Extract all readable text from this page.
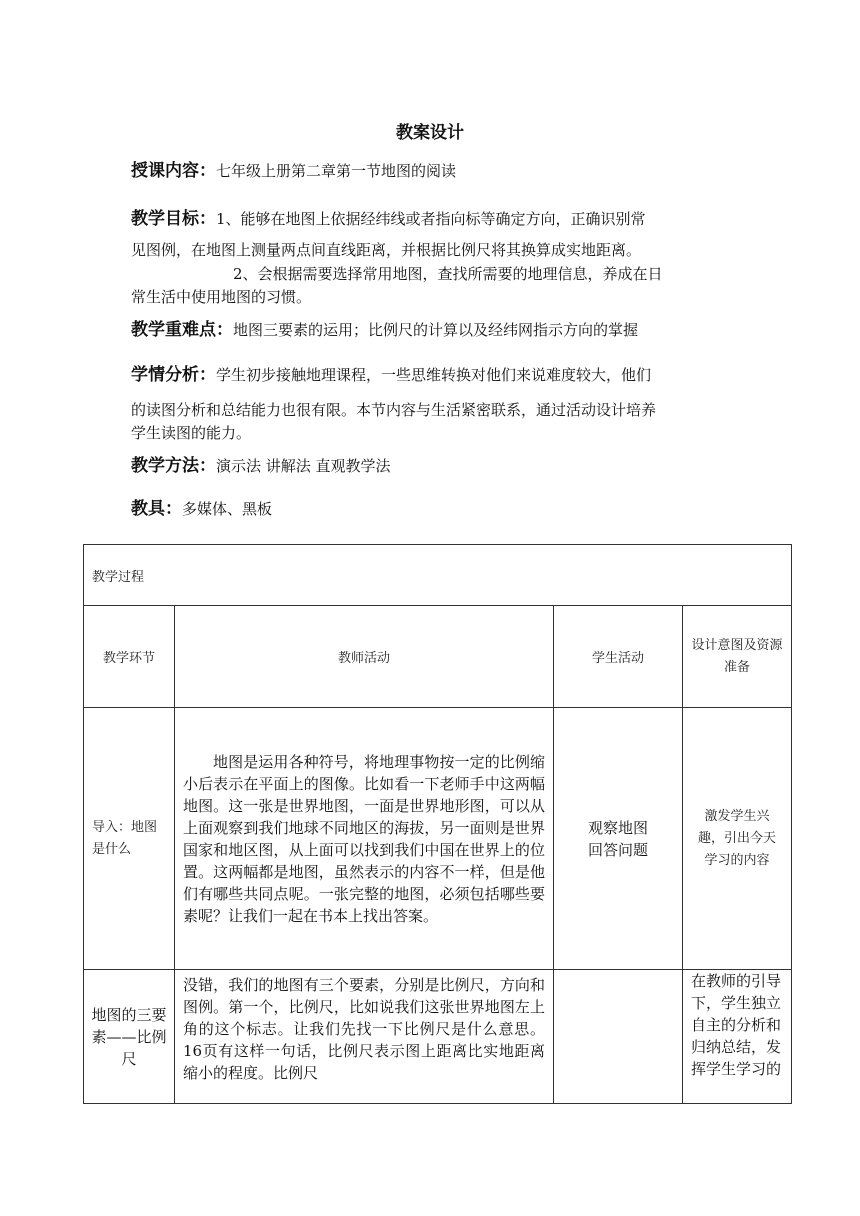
教案设计
授课内容：七年级上册第二章第一节地图的阅读
教学目标：1、能够在地图上依据经纬线或者指向标等确定方向，正确识别常
见图例，在地图上测量两点间直线距离，并根据比例尺将其换算成实地距离。
2、会根据需要选择常用地图，查找所需要的地理信息，养成在日
常生活中使用地图的习惯。
教学重难点：地图三要素的运用；比例尺的计算以及经纬网指示方向的掌握
学情分析：学生初步接触地理课程，一些思维转换对他们来说难度较大，他们
的读图分析和总结能力也很有限。本节内容与生活紧密联系，通过活动设计培养
学生读图的能力。
教学方法：演示法 讲解法 直观教学法
教具：多媒体、黑板
教学过程			
教学环节	教师活动	学生活动	设计意图及资源准备
导入：地图是什么	地图是运用各种符号，将地理事物按一定的比例缩小后表示在平面上的图像。比如看一下老师手中这两幅地图。这一张是世界地图，一面是世界地形图，可以从上面观察到我们地球不同地区的海拔，另一面则是世界国家和地区图，从上面可以找到我们中国在世界上的位置。这两幅都是地图，虽然表示的内容不一样，但是他们有哪些共同点呢。一张完整的地图，必须包括哪些要素呢？让我们一起在书本上找出答案。	观察地图回答问题	激发学生兴趣，引出今天学习的内容
地图的三要素——比例尺	没错，我们的地图有三个要素，分别是比例尺，方向和图例。第一个，比例尺，比如说我们这张世界地图左上角的这个标志。让我们先找一下比例尺是什么意思。16页有这样一句话，比例尺表示图上距离比实地距离缩小的程度。比例尺		在教师的引导下，学生独立自主的分析和归纳总结，发挥学生学习的
